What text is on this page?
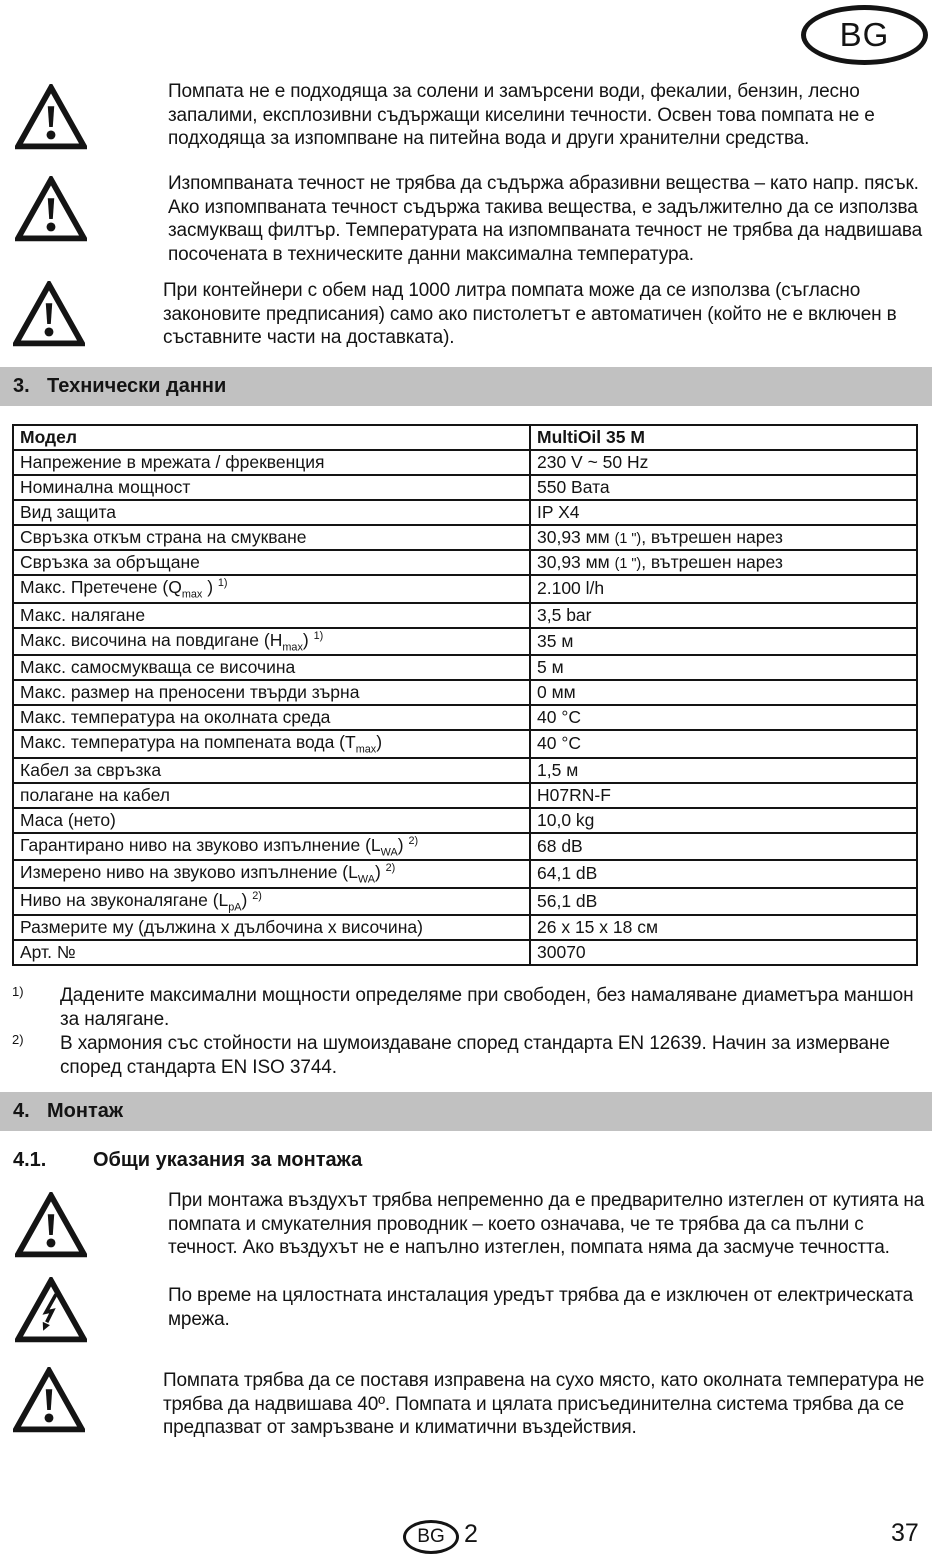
BG
Помпата не е подходяща за солени и замърсени води, фекалии, бензин, лесно запалими, експлозивни съдържащи киселини течности. Освен това помпата не е подходяща за изпомпване на питейна вода и други хранителни средства.
Изпомпваната течност не трябва да съдържа абразивни вещества – като напр. пясък. Ако изпомпваната течност съдържа такива вещества, е задължително да се използва засмукващ филтър. Температурата на изпомпваната течност не трябва да надвишава посочената в техническите данни максимална температура.
При контейнери с обем над 1000 литра помпата може да се използва (съгласно законовите предписания) само ако пистолетът е автоматичен (който не е включен в съставните части на доставката).
3. Технически данни
Модел	MultiOil 35 M
Напрежение в мрежата / фреквенция	230 V ~ 50 Hz
Номинална мощност	550 Вата
Вид защита	IP X4
Свръзка откъм страна на смукване	30,93 мм (1 "), вътрешен нарез
Свръзка за обръщане	30,93 мм (1 "), вътрешен нарез
Макс. Претечене ($Q_{max}$ ) $^{1)}$	2.100 l/h
Макс. налягане	3,5 bar
Макс. височина на повдигане $(H_{max})$ $^{1)}$	35 м
Макс. самосмукваща се височина	5 м
Макс. размер на преносени твърди зърна	0 мм
Макс. температура на околната среда	40 °C
Макс. температура на помпената вода $(T_{max})$	40 °C
Кабел за свръзка	1,5 м
полагане на кабел	H07RN-F
Маса (нето)	10,0 kg
Гарантирано ниво на звуково изпълнение $(L_{WA})$ $^{2)}$	68 dB
Измерено ниво на звуково изпълнение $(L_{WA})$ $^{2)}$	64,1 dB
Ниво на звуконалягане $(L_{pA})$ $^{2)}$	56,1 dB
Размерите му (дължина x дълбочина x височина)	26 x 15 x 18 см
Арт. №	30070
1) Дадените максимални мощности определяме при свободен, без намаляване диаметъра маншон за налягане.
2) В хармония със стойности на шумоиздаване според стандарта EN 12639. Начин за измерване според стандарта EN ISO 3744.
4. Монтаж
4.1. Общи указания за монтажа
При монтажа въздухът трябва непременно да е предварително изтеглен от кутията на помпата и смукателния проводник – което означава, че те трябва да са пълни с течност. Ако въздухът не е напълно изтеглен, помпата няма да засмуче течността.
По време на цялостната инсталация уредът трябва да е изключен от електрическата мрежа.
Помпата трябва да се поставя изправена на сухо място, като околната температура не трябва да надвишава 40º. Помпата и цялата присъединителна система трябва да се предпазват от замръзване и климатични въздействия.
BG 2	37
